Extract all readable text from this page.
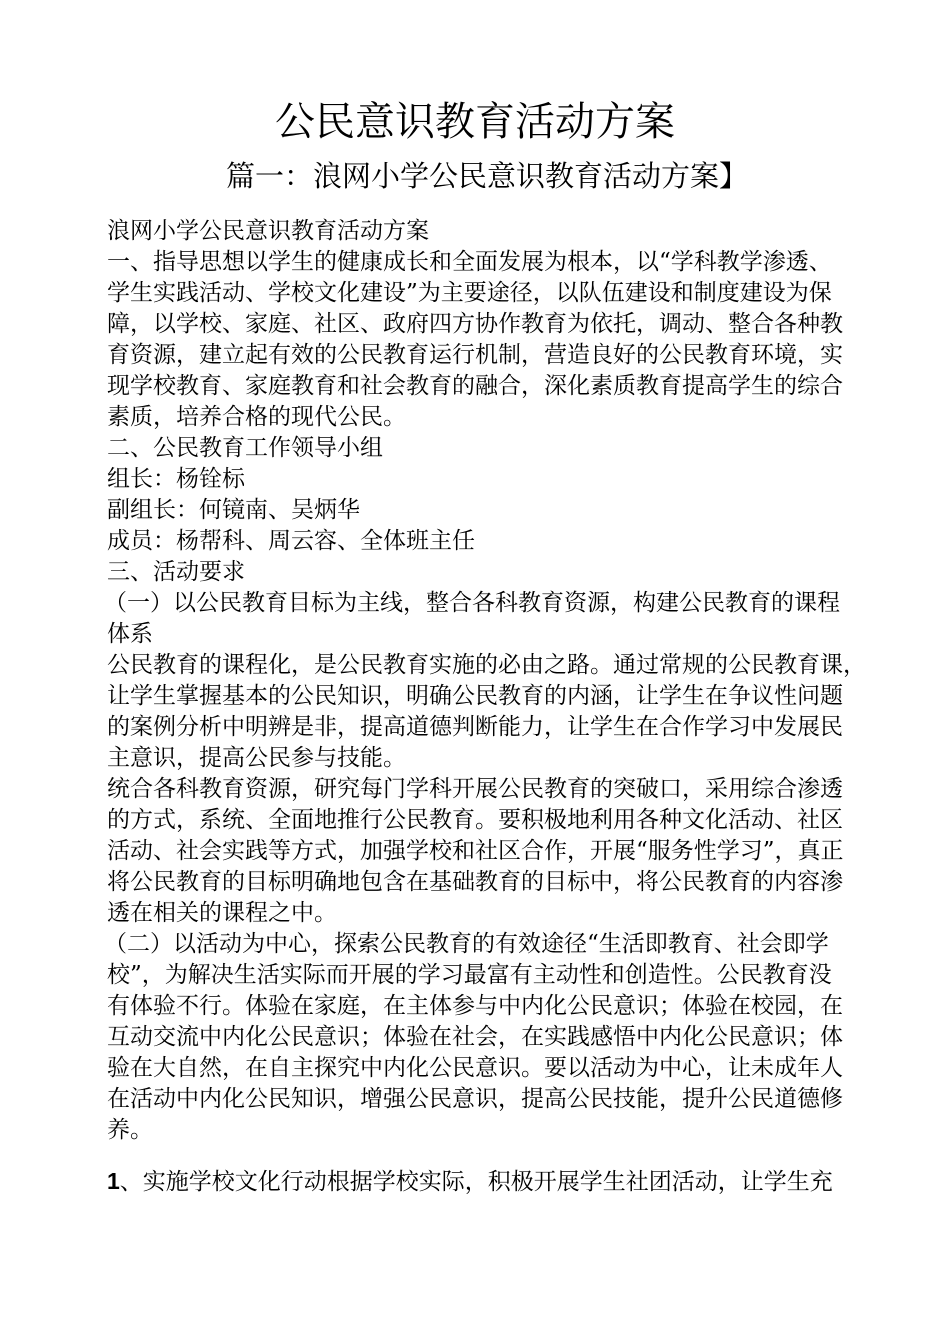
公民意识教育活动方案
篇一：浪网小学公民意识教育活动方案】
浪网小学公民意识教育活动方案
一、指导思想以学生的健康成长和全面发展为根本，以“学科教学渗透、
学生实践活动、学校文化建设”为主要途径，以队伍建设和制度建设为保
障，以学校、家庭、社区、政府四方协作教育为依托，调动、整合各种教
育资源，建立起有效的公民教育运行机制，营造良好的公民教育环境，实
现学校教育、家庭教育和社会教育的融合，深化素质教育提高学生的综合
素质，培养合格的现代公民。
二、公民教育工作领导小组
组长：杨铨标
副组长：何镜南、吴炳华
成员：杨帮科、周云容、全体班主任
三、活动要求
（一）以公民教育目标为主线，整合各科教育资源，构建公民教育的课程
体系
公民教育的课程化，是公民教育实施的必由之路。通过常规的公民教育课，
让学生掌握基本的公民知识，明确公民教育的内涵，让学生在争议性问题
的案例分析中明辨是非，提高道德判断能力，让学生在合作学习中发展民
主意识，提高公民参与技能。
统合各科教育资源，研究每门学科开展公民教育的突破口，采用综合渗透
的方式，系统、全面地推行公民教育。要积极地利用各种文化活动、社区
活动、社会实践等方式，加强学校和社区合作，开展“服务性学习”，真正
将公民教育的目标明确地包含在基础教育的目标中，将公民教育的内容渗
透在相关的课程之中。
（二）以活动为中心，探索公民教育的有效途径“生活即教育、社会即学
校”，为解决生活实际而开展的学习最富有主动性和创造性。公民教育没
有体验不行。体验在家庭，在主体参与中内化公民意识；体验在校园，在
互动交流中内化公民意识；体验在社会，在实践感悟中内化公民意识；体
验在大自然，在自主探究中内化公民意识。要以活动为中心，让未成年人
在活动中内化公民知识，增强公民意识，提高公民技能，提升公民道德修
养。
1、实施学校文化行动根据学校实际，积极开展学生社团活动，让学生充
